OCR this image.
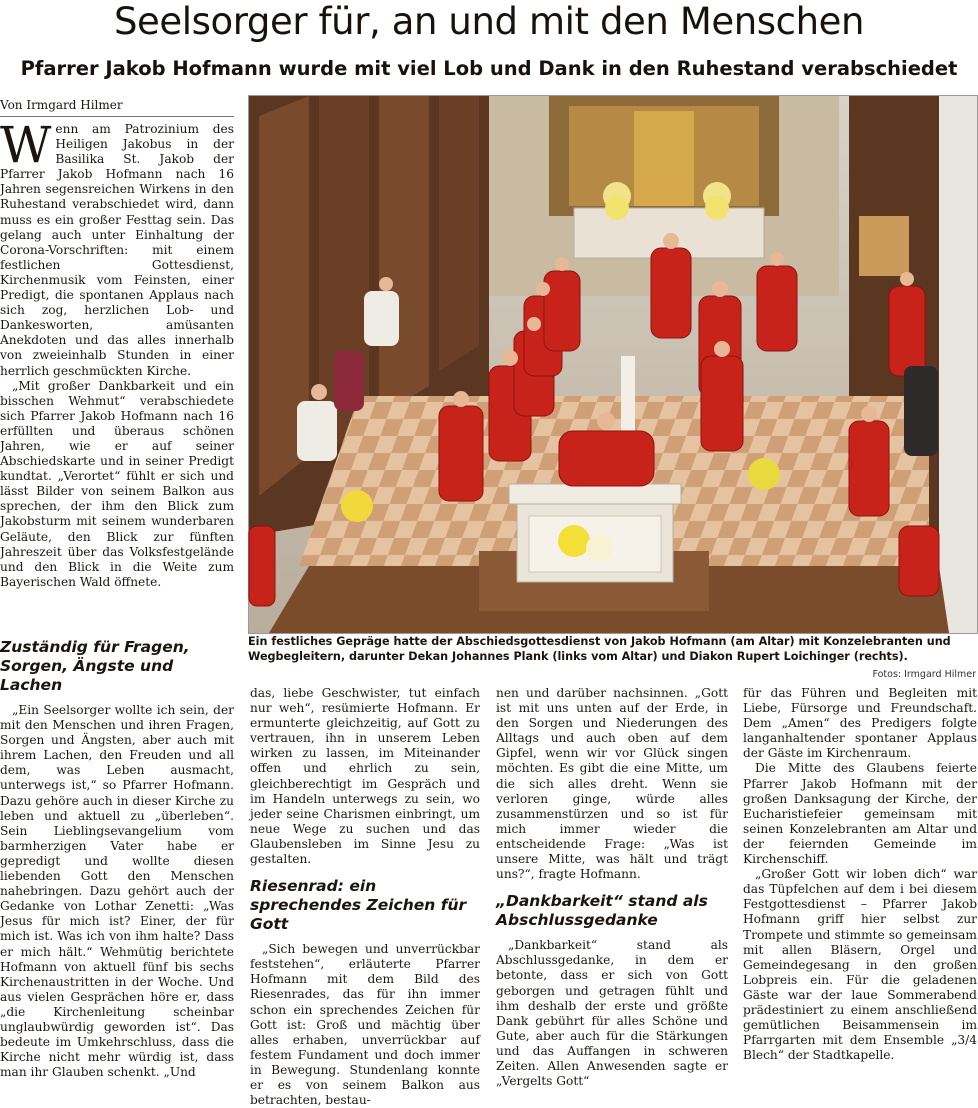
Seelsorger für, an und mit den Menschen
Pfarrer Jakob Hofmann wurde mit viel Lob und Dank in den Ruhestand verabschiedet
Von Irmgard Hilmer

Wenn am Patrozinium des Heiligen Jakobus in der Basilika St. Jakob der Pfarrer Jakob Hofmann nach 16 Jahren segensreichen Wirkens in den Ruhestand verabschiedet wird, dann muss es ein großer Festtag sein. Das gelang auch unter Einhaltung der Corona-Vorschriften: mit einem festlichen Gottesdienst, Kirchenmusik vom Feinsten, einer Predigt, die spontanen Applaus nach sich zog, herzlichen Lob- und Dankesworten, amüsanten Anekdoten und das alles innerhalb von zweieinhalb Stunden in einer herrlich geschmückten Kirche.

„Mit großer Dankbarkeit und ein bisschen Wehmut“ verabschiedete sich Pfarrer Jakob Hofmann nach 16 erfüllten und überaus schönen Jahren, wie er auf seiner Abschiedskarte und in seiner Predigt kundtat. „Verortet“ fühlt er sich und lässt Bilder von seinem Balkon aus sprechen, der ihm den Blick zum Jakobsturm mit seinem wunderbaren Geläute, den Blick zur fünften Jahreszeit über das Volksfestgelände und den Blick in die Weite zum Bayerischen Wald öffnete.

Ein festliches Gepräge hatte der Abschiedsgottesdienst von Jakob Hofmann (am Altar) mit Konzelebranten und Wegbegleitern, darunter Dekan Johannes Plank (links vom Altar) und Diakon Rupert Loichinger (rechts).
Fotos: Irmgard Hilmer
Zuständig für Fragen, Sorgen, Ängste und Lachen

„Ein Seelsorger wollte ich sein, der mit den Menschen und ihren Fragen, Sorgen und Ängsten, aber auch mit ihrem Lachen, den Freuden und all dem, was Leben ausmacht, unterwegs ist,“ so Pfarrer Hofmann. Dazu gehöre auch in dieser Kirche zu leben und aktuell zu „überleben“. Sein Lieblingsevangelium vom barmherzigen Vater habe er gepredigt und wollte diesen liebenden Gott den Menschen nahebringen. Dazu gehört auch der Gedanke von Lothar Zenetti: „Was Jesus für mich ist? Einer, der für mich ist. Was ich von ihm halte? Dass er mich hält.“ Wehmütig berichtete Hofmann von aktuell fünf bis sechs Kirchenaustritten in der Woche. Und aus vielen Gesprächen höre er, dass „die Kirchenleitung scheinbar unglaubwürdig geworden ist“. Das bedeute im Umkehrschluss, dass die Kirche nicht mehr würdig ist, dass man ihr Glauben schenkt. „Und

das, liebe Geschwister, tut einfach nur weh“, resümierte Hofmann. Er ermunterte gleichzeitig, auf Gott zu vertrauen, ihn in unserem Leben wirken zu lassen, im Miteinander offen und ehrlich zu sein, gleichberechtigt im Gespräch und im Handeln unterwegs zu sein, wo jeder seine Charismen einbringt, um neue Wege zu suchen und das Glaubensleben im Sinne Jesu zu gestalten.

Riesenrad: ein sprechendes Zeichen für Gott

„Sich bewegen und unverrückbar feststehen“, erläuterte Pfarrer Hofmann mit dem Bild des Riesenrades, das für ihn immer schon ein sprechendes Zeichen für Gott ist: Groß und mächtig über alles erhaben, unverrückbar auf festem Fundament und doch immer in Bewegung. Stundenlang konnte er es von seinem Balkon aus betrachten, bestau-

nen und darüber nachsinnen. „Gott ist mit uns unten auf der Erde, in den Sorgen und Niederungen des Alltags und auch oben auf dem Gipfel, wenn wir vor Glück singen möchten. Es gibt die eine Mitte, um die sich alles dreht. Wenn sie verloren ginge, würde alles zusammenstürzen und so ist für mich immer wieder die entscheidende Frage: „Was ist unsere Mitte, was hält und trägt uns?“, fragte Hofmann.

„Dankbarkeit“ stand als Abschlussgedanke

„Dankbarkeit“ stand als Abschlussgedanke, in dem er betonte, dass er sich von Gott geborgen und getragen fühlt und ihm deshalb der erste und größte Dank gebührt für alles Schöne und Gute, aber auch für die Stärkungen und das Auffangen in schweren Zeiten. Allen Anwesenden sagte er „Vergelts Gott“

für das Führen und Begleiten mit Liebe, Fürsorge und Freundschaft. Dem „Amen“ des Predigers folgte langanhaltender spontaner Applaus der Gäste im Kirchenraum.

Die Mitte des Glaubens feierte Pfarrer Jakob Hofmann mit der großen Danksagung der Kirche, der Eucharistiefeier gemeinsam mit seinen Konzelebranten am Altar und der feiernden Gemeinde im Kirchenschiff.

„Großer Gott wir loben dich“ war das Tüpfelchen auf dem i bei diesem Festgottesdienst – Pfarrer Jakob Hofmann griff hier selbst zur Trompete und stimmte so gemeinsam mit allen Bläsern, Orgel und Gemeindegesang in den großen Lobpreis ein. Für die geladenen Gäste war der laue Sommerabend prädestiniert zu einem anschließend gemütlichen Beisammensein im Pfarrgarten mit dem Ensemble „3/4 Blech“ der Stadtkapelle.
